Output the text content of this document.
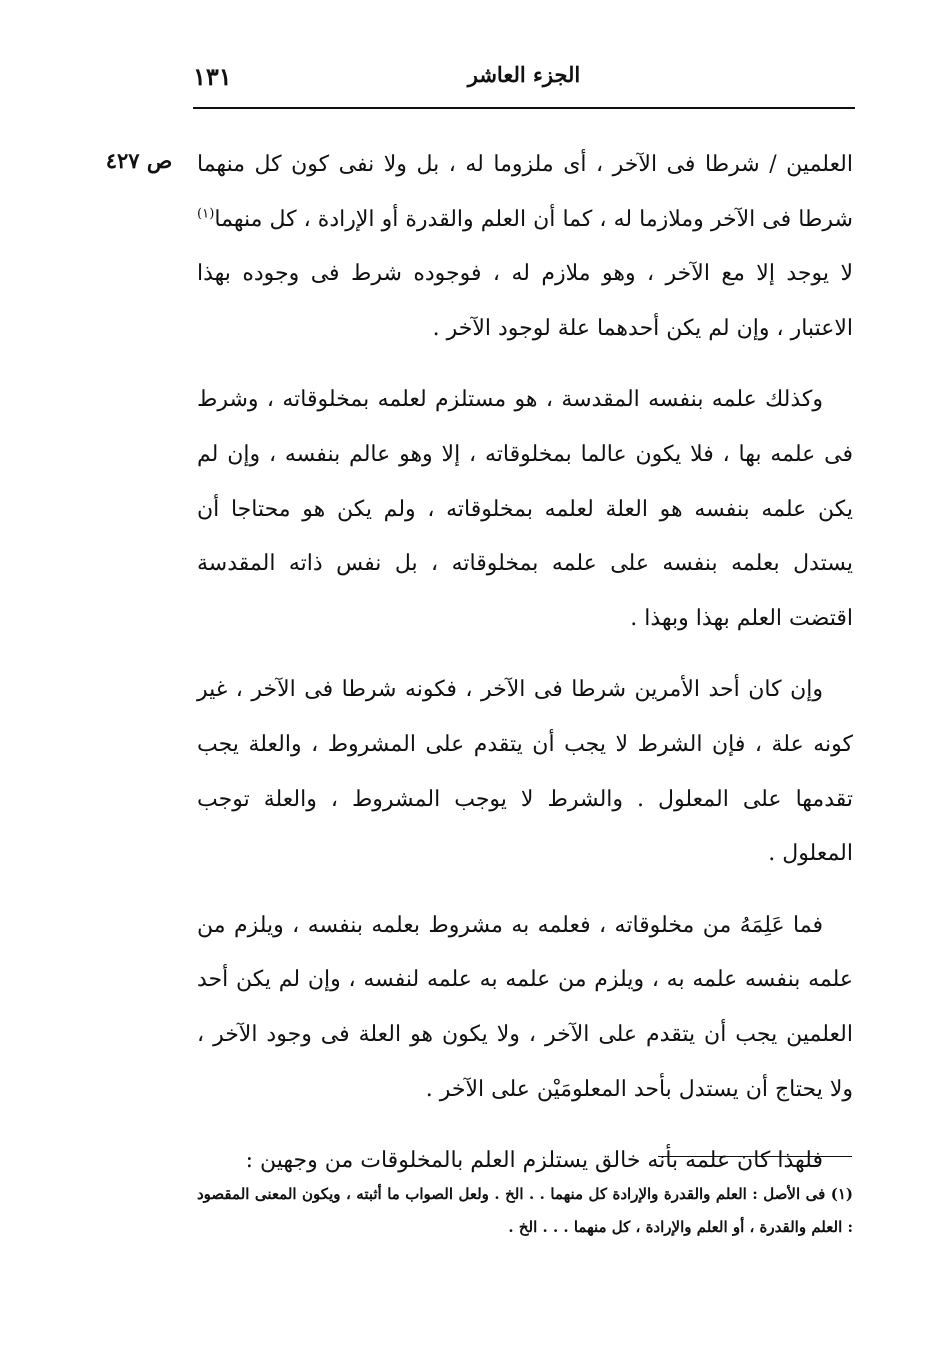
١٣١	الجزء العاشر
ص ٤٢٧	العلمين / شرطا فى الآخر ، أى ملزوما له ، بل ولا نفى كون كل منهما شرطا فى الآخر وملازما له ، كما أن العلم والقدرة أو الإرادة ، كل منهما$^{(١)}$ لا يوجد إلا مع الآخر ، وهو ملازم له ، فوجوده شرط فى وجوده بهذا الاعتبار ، وإن لم يكن أحدهما علة لوجود الآخر .

وكذلك علمه بنفسه المقدسة ، هو مستلزم لعلمه بمخلوقاته ، وشرط فى علمه بها ، فلا يكون عالما بمخلوقاته ، إلا وهو عالم بنفسه ، وإن لم يكن علمه بنفسه هو العلة لعلمه بمخلوقاته ، ولم يكن هو محتاجا أن يستدل بعلمه بنفسه على علمه بمخلوقاته ، بل نفس ذاته المقدسة اقتضت العلم بهذا وبهذا .

وإن كان أحد الأمرين شرطا فى الآخر ، فكونه شرطا فى الآخر ، غير كونه علة ، فإن الشرط لا يجب أن يتقدم على المشروط ، والعلة يجب تقدمها على المعلول . والشرط لا يوجب المشروط ، والعلة توجب المعلول .

فما عَلِمَهُ من مخلوقاته ، فعلمه به مشروط بعلمه بنفسه ، ويلزم من علمه بنفسه علمه به ، ويلزم من علمه به علمه لنفسه ، وإن لم يكن أحد العلمين يجب أن يتقدم على الآخر ، ولا يكون هو العلة فى وجود الآخر ، ولا يحتاج أن يستدل بأحد المعلومَيْن على الآخر .

فلهذا كان علمه بأنه خالق يستلزم العلم بالمخلوقات من وجهين :

(١) فى الأصل : العلم والقدرة والإرادة كل منهما . . الخ . ولعل الصواب ما أثبته ، ويكون المعنى المقصود : العلم والقدرة ، أو العلم والإرادة ، كل منهما . . . الخ .
